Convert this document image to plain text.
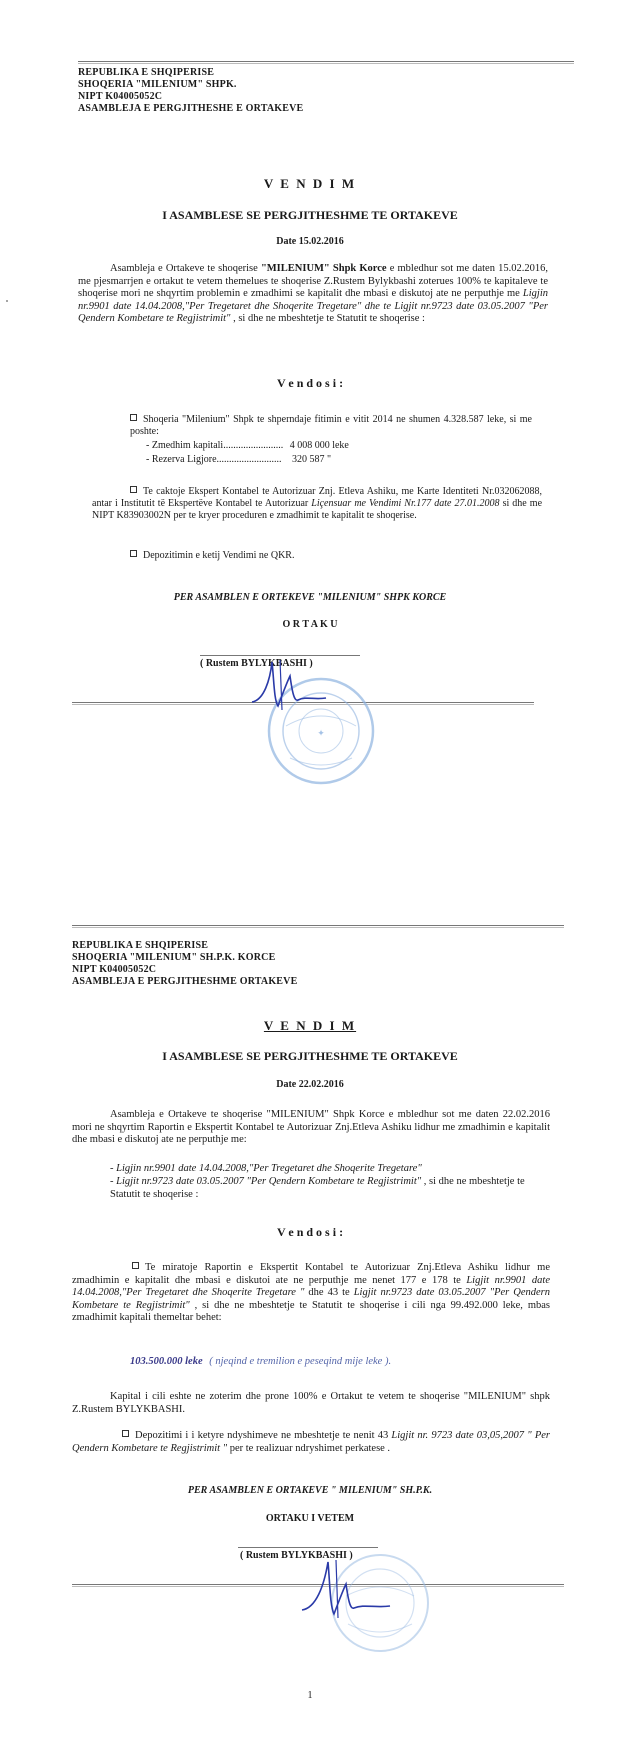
REPUBLIKA E SHQIPERISE
SHOQERIA "MILENIUM" SHPK.
NIPT K04005052C
ASAMBLEJA E PERGJITHESHE E ORTAKEVE
V E N D I M
I ASAMBLESE SE PERGJITHESHME TE ORTAKEVE
Date 15.02.2016
Asambleja e Ortakeve te shoqerise "MILENIUM" Shpk Korce e mbledhur sot me daten 15.02.2016, me pjesmarrjen e ortakut te vetem themelues te shoqerise Z.Rustem Bylykbashi zoterues 100% te kapitaleve te shoqerise mori ne shqyrtim problemin e zmadhimi se kapitalit dhe mbasi e diskutoj ate ne perputhje me Ligjin nr.9901 date 14.04.2008,"Per Tregetaret dhe Shoqerite Tregetare" dhe te Ligjit nr.9723 date 03.05.2007 "Per Qendern Kombetare te Regjistrimit" , si dhe ne mbeshtetje te Statutit te shoqerise :
V e n d o s i :
Shoqeria "Milenium" Shpk te shperndaje fitimin e vitit 2014 ne shumen 4.328.587 leke, si me poshte:
- Zmedhim kapitali........................ 4 008 000 leke
- Rezerva Ligjore.......................... 320 587 "
Te caktoje Ekspert Kontabel te Autorizuar Znj. Etleva Ashiku, me Karte Identiteti Nr.032062088, antar i Institutit të Ekspertëve Kontabel te Autorizuar Liçensuar me Vendimi Nr.177 date 27.01.2008 si dhe me NIPT K83903002N per te kryer proceduren e zmadhimit te kapitalit te shoqerise.
Depozitimin e ketij Vendimi ne QKR.
PER ASAMBLEN E ORTEKEVE "MILENIUM" SHPK KORCE
O R T A K U
( Rustem BYLYKBASHI )
✦
REPUBLIKA E SHQIPERISE
SHOQERIA "MILENIUM" SH.P.K. KORCE
NIPT K04005052C
ASAMBLEJA E PERGJITHESHME ORTAKEVE
V E N D I M
I ASAMBLESE SE PERGJITHESHME TE ORTAKEVE
Date 22.02.2016
Asambleja e Ortakeve te shoqerise "MILENIUM" Shpk Korce e mbledhur sot me daten 22.02.2016 mori ne shqyrtim Raportin e Ekspertit Kontabel te Autorizuar Znj.Etleva Ashiku lidhur me zmadhimin e kapitalit dhe mbasi e diskutoj ate ne perputhje me:
- Ligjin nr.9901 date 14.04.2008,"Per Tregetaret dhe Shoqerite Tregetare"
- Ligjit nr.9723 date 03.05.2007 "Per Qendern Kombetare te Regjistrimit" , si dhe ne mbeshtetje te Statutit te shoqerise :
V e n d o s i :
Te miratoje Raportin e Ekspertit Kontabel te Autorizuar Znj.Etleva Ashiku lidhur me zmadhimin e kapitalit dhe mbasi e diskutoi ate ne perputhje me nenet 177 e 178 te Ligjit nr.9901 date 14.04.2008,"Per Tregetaret dhe Shoqerite Tregetare " dhe 43 te Ligjit nr.9723 date 03.05.2007 "Per Qendern Kombetare te Regjistrimit" , si dhe ne mbeshtetje te Statutit te shoqerise i cili nga 99.492.000 leke, mbas zmadhimit kapitali themeltar behet:
103.500.000 leke ( njeqind e tremilion e peseqind mije leke ).
Kapital i cili eshte ne zoterim dhe prone 100% e Ortakut te vetem te shoqerise "MILENIUM" shpk Z.Rustem BYLYKBASHI.
Depozitimi i i ketyre ndyshimeve ne mbeshtetje te nenit 43 Ligjit nr. 9723 date 03,05,2007 " Per Qendern Kombetare te Regjistrimit " per te realizuar ndryshimet perkatese .
PER ASAMBLEN E ORTAKEVE " MILENIUM" SH.P.K.
ORTAKU I VETEM
( Rustem BYLYKBASHI )
1
